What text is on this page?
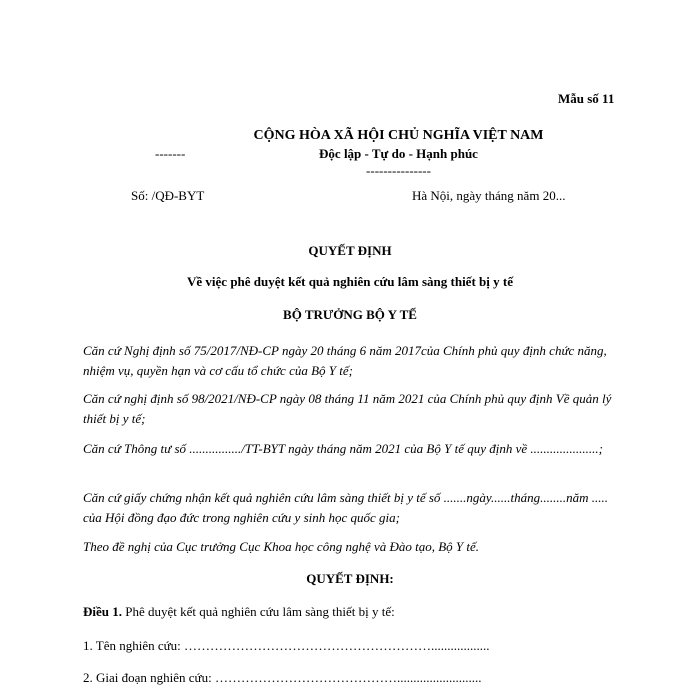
Mẫu số 11
-------
CỘNG HÒA XÃ HỘI CHỦ NGHĨA VIỆT NAM
Độc lập - Tự do - Hạnh phúc
---------------
Số: /QĐ-BYT	Hà Nội, ngày tháng năm 20...
QUYẾT ĐỊNH
Về việc phê duyệt kết quả nghiên cứu lâm sàng thiết bị y tế
BỘ TRƯỞNG BỘ Y TẾ
Căn cứ Nghị định số 75/2017/NĐ-CP ngày 20 tháng 6 năm 2017của Chính phủ quy định chức năng, nhiệm vụ, quyền hạn và cơ cấu tổ chức của Bộ Y tế;
Căn cứ nghị định số 98/2021/NĐ-CP ngày 08 tháng 11 năm 2021 của Chính phủ quy định Về quản lý thiết bị y tế;
Căn cứ Thông tư số ................/TT-BYT ngày tháng năm 2021 của Bộ Y tế quy định về .....................;
Căn cứ giấy chứng nhận kết quả nghiên cứu lâm sàng thiết bị y tế số .......ngày......tháng........năm ..... của Hội đồng đạo đức trong nghiên cứu y sinh học quốc gia;
Theo đề nghị của Cục trưởng Cục Khoa học công nghệ và Đào tạo, Bộ Y tế.
QUYẾT ĐỊNH:
Điều 1. Phê duyệt kết quả nghiên cứu lâm sàng thiết bị y tế:
1. Tên nghiên cứu: …………………………………………………..................
2. Giai đoạn nghiên cứu: ……………………………………..........................
